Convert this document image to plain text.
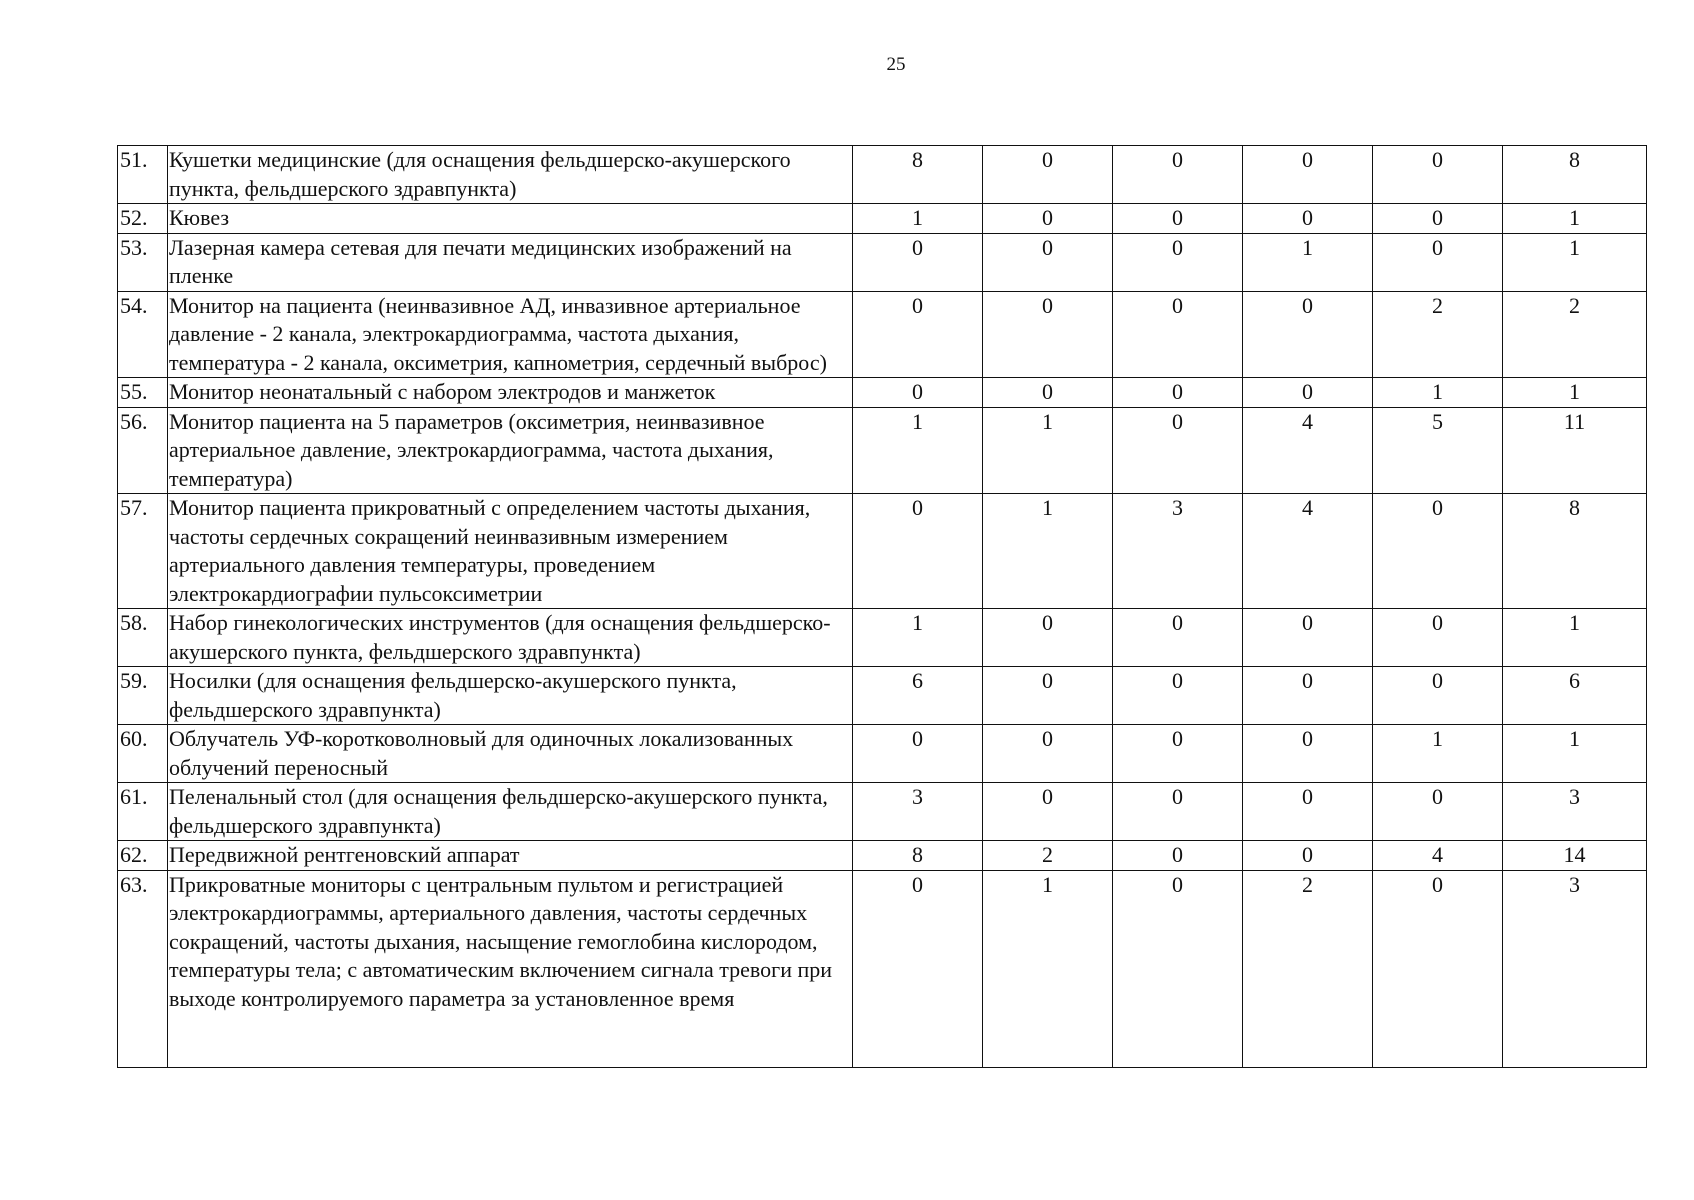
25
51.	Кушетки медицинские (для оснащения фельдшерско-акушерского пункта, фельдшерского здравпункта)	8	0	0	0	0	8
52.	Кювез	1	0	0	0	0	1
53.	Лазерная камера сетевая для печати медицинских изображений на пленке	0	0	0	1	0	1
54.	Монитор на пациента (неинвазивное АД, инвазивное артериальное давление - 2 канала, электрокардиограмма, частота дыхания, температура - 2 канала, оксиметрия, капнометрия, сердечный выброс)	0	0	0	0	2	2
55.	Монитор неонатальный с набором электродов и манжеток	0	0	0	0	1	1
56.	Монитор пациента на 5 параметров (оксиметрия, неинвазивное артериальное давление, электрокардиограмма, частота дыхания, температура)	1	1	0	4	5	11
57.	Монитор пациента прикроватный с определением частоты дыхания, частоты сердечных сокращений неинвазивным измерением артериального давления температуры, проведением электрокардиографии пульсоксиметрии	0	1	3	4	0	8
58.	Набор гинекологических инструментов (для оснащения фельдшерско-акушерского пункта, фельдшерского здравпункта)	1	0	0	0	0	1
59.	Носилки (для оснащения фельдшерско-акушерского пункта, фельдшерского здравпункта)	6	0	0	0	0	6
60.	Облучатель УФ-коротковолновый для одиночных локализованных облучений переносный	0	0	0	0	1	1
61.	Пеленальный стол (для оснащения фельдшерско-акушерского пункта, фельдшерского здравпункта)	3	0	0	0	0	3
62.	Передвижной рентгеновский аппарат	8	2	0	0	4	14
63.	Прикроватные мониторы с центральным пультом и регистрацией электрокардиограммы, артериального давления, частоты сердечных сокращений, частоты дыхания, насыщение гемоглобина кислородом, температуры тела; с автоматическим включением сигнала тревоги при выходе контролируемого параметра за установленное время	0	1	0	2	0	3
